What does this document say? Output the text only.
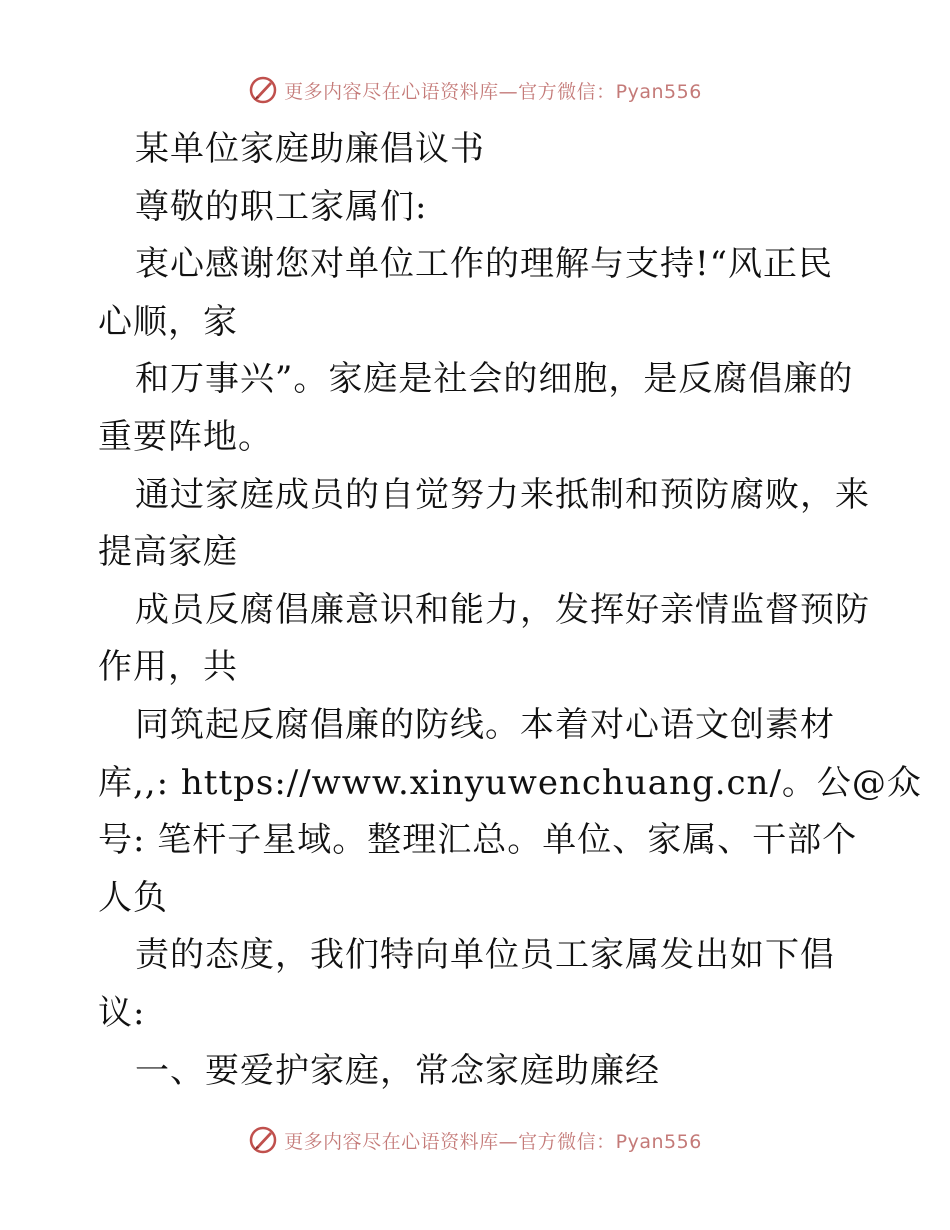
更多内容尽在心语资料库—官方微信：Pyan556
某单位家庭助廉倡议书
尊敬的职工家属们:
衷心感谢您对单位工作的理解与支持!“风正民
心顺，家
和万事兴”。家庭是社会的细胞，是反腐倡廉的
重要阵地。
通过家庭成员的自觉努力来抵制和预防腐败，来
提高家庭
成员反腐倡廉意识和能力，发挥好亲情监督预防
作用，共
同筑起反腐倡廉的防线。本着对心语文创素材
库,,: https://www.xinyuwenchuang.cn/。公@众
号: 笔杆子星域。整理汇总。单位、家属、干部个
人负
责的态度，我们特向单位员工家属发出如下倡
议:
一、要爱护家庭，常念家庭助廉经
更多内容尽在心语资料库—官方微信：Pyan556
